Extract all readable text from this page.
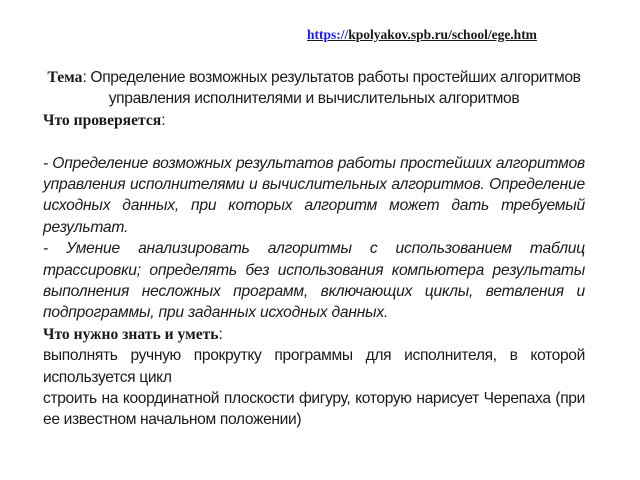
https://kpolyakov.spb.ru/school/ege.htm

Тема: Определение возможных результатов работы простейших алгоритмов управления исполнителями и вычислительных алгоритмов

Что проверяется:

- Определение возможных результатов работы простейших алгоритмов управления исполнителями и вычислительных алгоритмов. Определение исходных данных, при которых алгоритм может дать требуемый результат.

- Умение анализировать алгоритмы с использованием таблиц трассировки; определять без использования компьютера результаты выполнения несложных программ, включающих циклы, ветвления и подпрограммы, при заданных исходных данных.

Что нужно знать и уметь:

выполнять ручную прокрутку программы для исполнителя, в которой используется цикл

строить на координатной плоскости фигуру, которую нарисует Черепаха (при ее известном начальном положении)
